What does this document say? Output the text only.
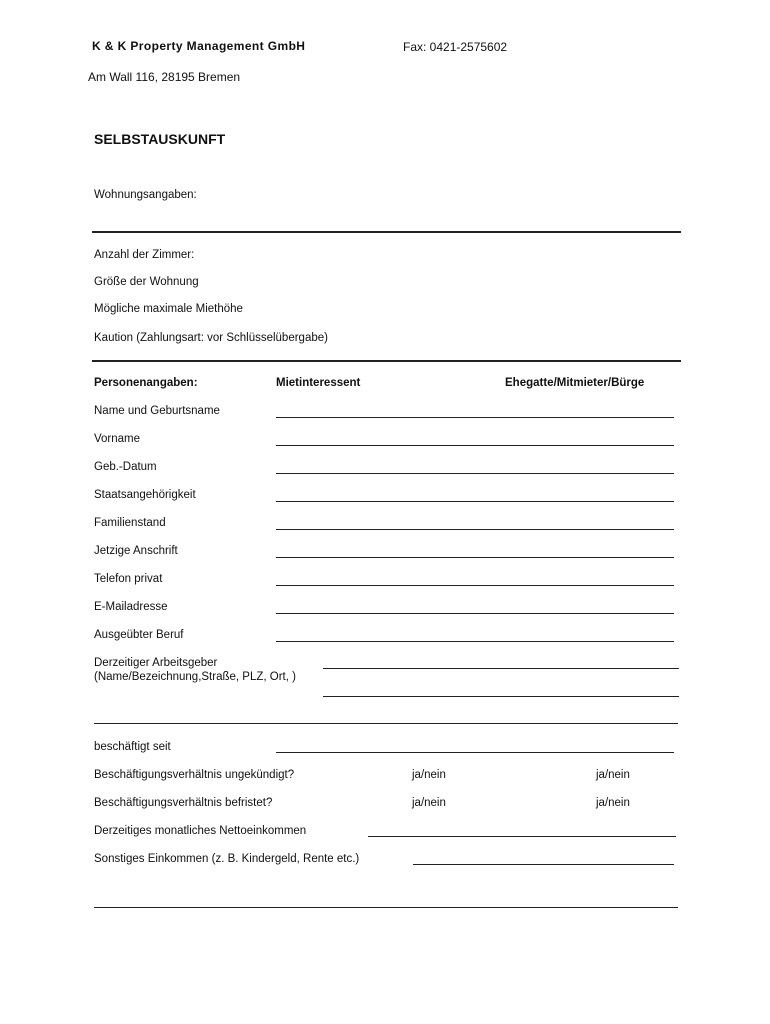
K & K Property Management GmbH	Fax: 0421-2575602
Am Wall 116, 28195 Bremen
SELBSTAUSKUNFT
Wohnungsangaben:
Anzahl der Zimmer:
Größe der Wohnung
Mögliche maximale Miethöhe
Kaution (Zahlungsart: vor Schlüsselübergabe)
Personenangaben:	Mietinteressent	Ehegatte/Mitmieter/Bürge
Name und Geburtsname
Vorname
Geb.-Datum
Staatsangehörigkeit
Familienstand
Jetzige Anschrift
Telefon privat
E-Mailadresse
Ausgeübter Beruf
Derzeitiger Arbeitsgeber
(Name/Bezeichnung,Straße, PLZ, Ort, )
beschäftigt seit
Beschäftigungsverhältnis ungekündigt?	ja/nein	ja/nein
Beschäftigungsverhältnis befristet?	ja/nein	ja/nein
Derzeitiges monatliches Nettoeinkommen
Sonstiges Einkommen (z. B. Kindergeld, Rente etc.)
